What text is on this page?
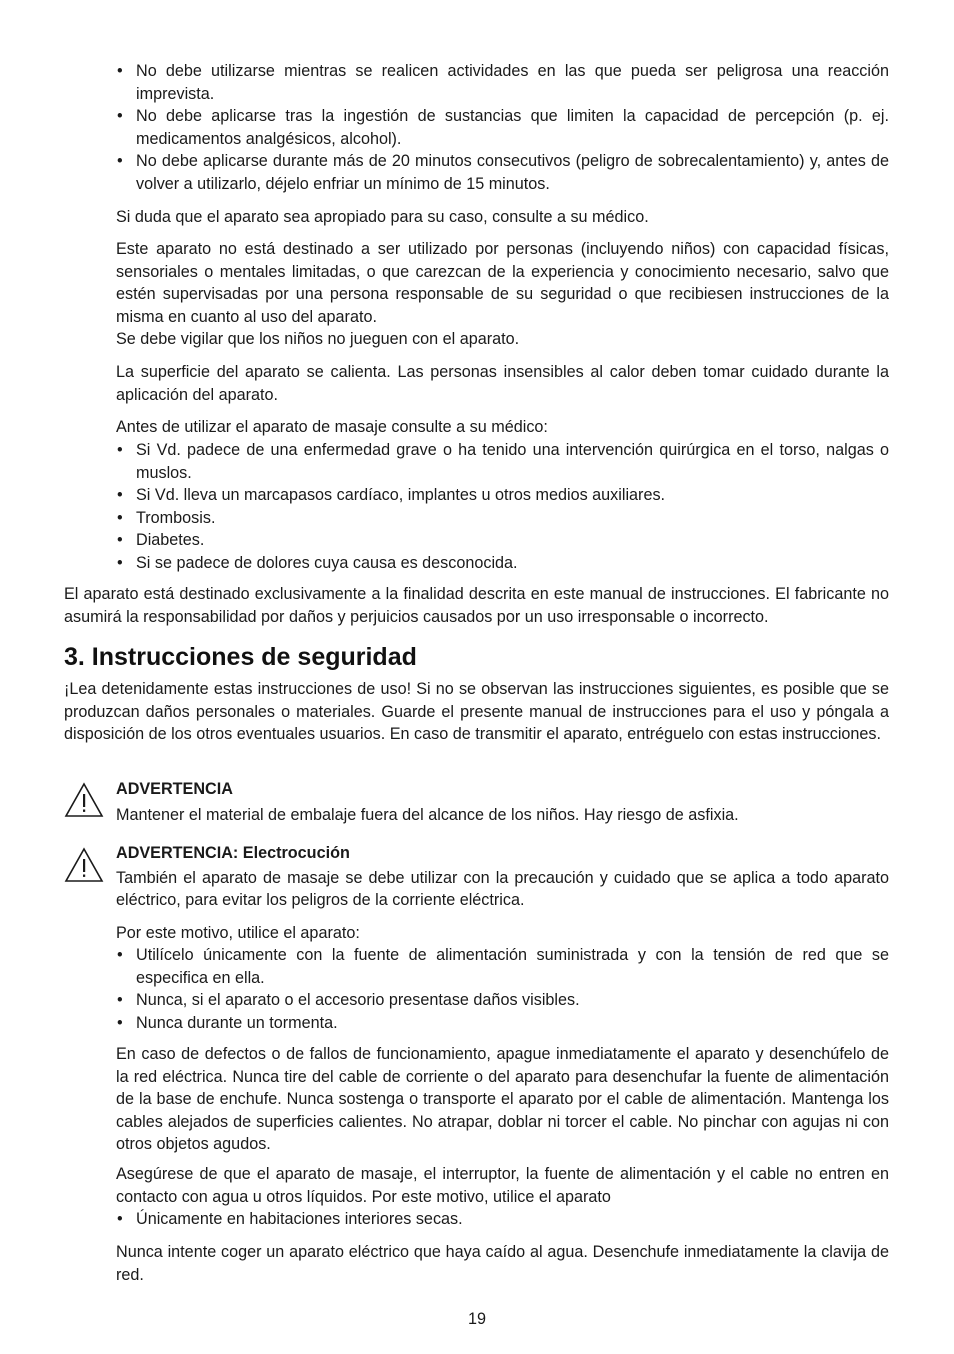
• No debe utilizarse mientras se realicen actividades en las que pueda ser peligrosa una reacción imprevista.
• No debe aplicarse tras la ingestión de sustancias que limiten la capacidad de percepción (p. ej. medicamentos analgésicos, alcohol).
• No debe aplicarse durante más de 20 minutos consecutivos (peligro de sobrecalentamiento) y, antes de volver a utilizarlo, déjelo enfriar un mínimo de 15 minutos.

Si duda que el aparato sea apropiado para su caso, consulte a su médico.

Este aparato no está destinado a ser utilizado por personas (incluyendo niños) con capacidad físicas, sensoriales o mentales limitadas, o que carezcan de la experiencia y conocimiento necesario, salvo que estén supervisadas por una persona responsable de su seguridad o que recibiesen instrucciones de la misma en cuanto al uso del aparato.

Se debe vigilar que los niños no jueguen con el aparato.

La superficie del aparato se calienta. Las personas insensibles al calor deben tomar cuidado durante la aplicación del aparato.

Antes de utilizar el aparato de masaje consulte a su médico:

• Si Vd. padece de una enfermedad grave o ha tenido una intervención quirúrgica en el torso, nalgas o muslos.
• Si Vd. lleva un marcapasos cardíaco, implantes u otros medios auxiliares.
• Trombosis.
• Diabetes.
• Si se padece de dolores cuya causa es desconocida.

El aparato está destinado exclusivamente a la finalidad descrita en este manual de instrucciones. El fabricante no asumirá la responsabilidad por daños y perjuicios causados por un uso irresponsable o incorrecto.

3. Instrucciones de seguridad

¡Lea detenidamente estas instrucciones de uso! Si no se observan las instrucciones siguientes, es posible que se produzcan daños personales o materiales. Guarde el presente manual de instrucciones para el uso y póngala a disposición de los otros eventuales usuarios. En caso de transmitir el aparato, entréguelo con estas instrucciones.

ADVERTENCIA

Mantener el material de embalaje fuera del alcance de los niños. Hay riesgo de asfixia.

ADVERTENCIA: Electrocución

También el aparato de masaje se debe utilizar con la precaución y cuidado que se aplica a todo aparato eléctrico, para evitar los peligros de la corriente eléctrica.

Por este motivo, utilice el aparato:

• Utilícelo únicamente con la fuente de alimentación suministrada y con la tensión de red que se especifica en ella.
• Nunca, si el aparato o el accesorio presentase daños visibles.
• Nunca durante un tormenta.

En caso de defectos o de fallos de funcionamiento, apague inmediatamente el aparato y desenchúfelo de la red eléctrica. Nunca tire del cable de corriente o del aparato para desenchufar la fuente de alimentación de la base de enchufe. Nunca sostenga o transporte el aparato por el cable de alimentación. Mantenga los cables alejados de superficies calientes. No atrapar, doblar ni torcer el cable. No pinchar con agujas ni con otros objetos agudos.

Asegúrese de que el aparato de masaje, el interruptor, la fuente de alimentación y el cable no entren en contacto con agua u otros líquidos. Por este motivo, utilice el aparato

• Únicamente en habitaciones interiores secas.

Nunca intente coger un aparato eléctrico que haya caído al agua. Desenchufe inmediatamente la clavija de red.

19
